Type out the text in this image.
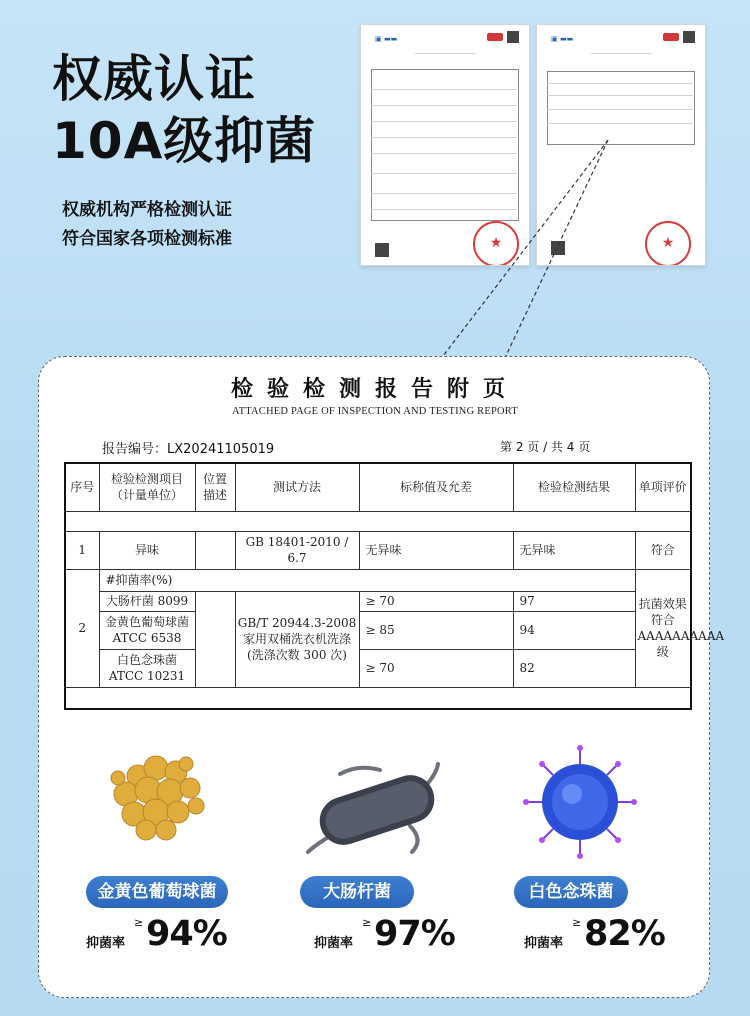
权威认证
10A级抑菌
权威机构严格检测认证
符合国家各项检测标准
▣ ▬▬
★
▣ ▬▬
★
检验检测报告附页
ATTACHED PAGE OF INSPECTION AND TESTING REPORT
报告编号：LX20241105019	第 2 页 / 共 4 页
序号	检验检测项目（计量单位）	位置描述	测试方法	标称值及允差	检验检测结果	单项评价

1	异味		GB 18401-2010 / 6.7	无异味	无异味	符合
2	#抑菌率(%)					抗菌效果符合AAAAAAAAAA 级
	大肠杆菌 8099		GB/T 20944.3-2008 家用双桶洗衣机洗涤 (洗涤次数 300 次)	≥ 70	97	
	金黄色葡萄球菌 ATCC 6538			≥ 85	94	
	白色念珠菌 ATCC 10231			≥ 70	82	

金黄色葡萄球菌	大肠杆菌	白色念珠菌
抑菌率
≥ 94%	抑菌率
≥ 97%	抑菌率
≥ 82%
